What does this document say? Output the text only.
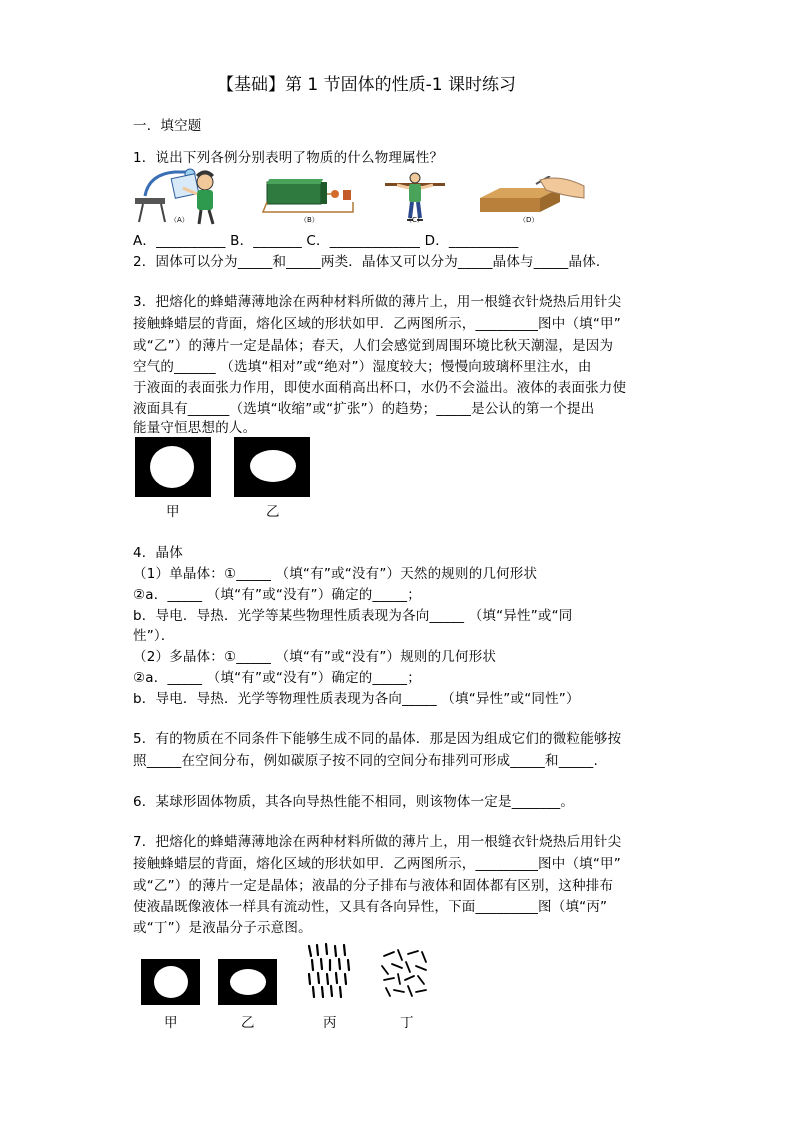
【基础】第 1 节固体的性质-1 课时练习
一．填空题
1．说出下列各例分别表明了物质的什么物理属性？
（A）	（B）	（C）	（D）
A．__________ B．_______ C．_____________ D．__________
2．固体可以分为_____和_____两类．晶体又可以分为_____晶体与_____晶体．
3．把熔化的蜂蜡薄薄地涂在两种材料所做的薄片上，用一根缝衣针烧热后用针尖
接触蜂蜡层的背面，熔化区域的形状如甲．乙两图所示，_________图中（填“甲”
或“乙”）的薄片一定是晶体；春天，人们会感觉到周围环境比秋天潮湿，是因为
空气的______ （选填“相对”或“绝对”）湿度较大；慢慢向玻璃杯里注水，由
于液面的表面张力作用，即使水面稍高出杯口，水仍不会溢出。液体的表面张力使
液面具有______（选填“收缩”或“扩张”）的趋势；_____是公认的第一个提出
能量守恒思想的人。
甲	乙
4．晶体
（1）单晶体：①_____ （填“有”或“没有”）天然的规则的几何形状
②a．_____ （填“有”或“没有”）确定的_____；
b．导电．导热．光学等某些物理性质表现为各向_____ （填“异性”或“同
性”）．
（2）多晶体：①_____ （填“有”或“没有”）规则的几何形状
②a．_____ （填“有”或“没有”）确定的_____；
b．导电．导热．光学等物理性质表现为各向_____ （填“异性”或“同性”）
5．有的物质在不同条件下能够生成不同的晶体．那是因为组成它们的微粒能够按
照_____在空间分布，例如碳原子按不同的空间分布排列可形成_____和_____.
6．某球形固体物质，其各向导热性能不相同，则该物体一定是_______。
7．把熔化的蜂蜡薄薄地涂在两种材料所做的薄片上，用一根缝衣针烧热后用针尖
接触蜂蜡层的背面，熔化区域的形状如甲．乙两图所示，_________图中（填“甲”
或“乙”）的薄片一定是晶体；液晶的分子排布与液体和固体都有区别，这种排布
使液晶既像液体一样具有流动性，又具有各向异性，下面_________图（填“丙”
或“丁”）是液晶分子示意图。
甲	乙	丙	丁
